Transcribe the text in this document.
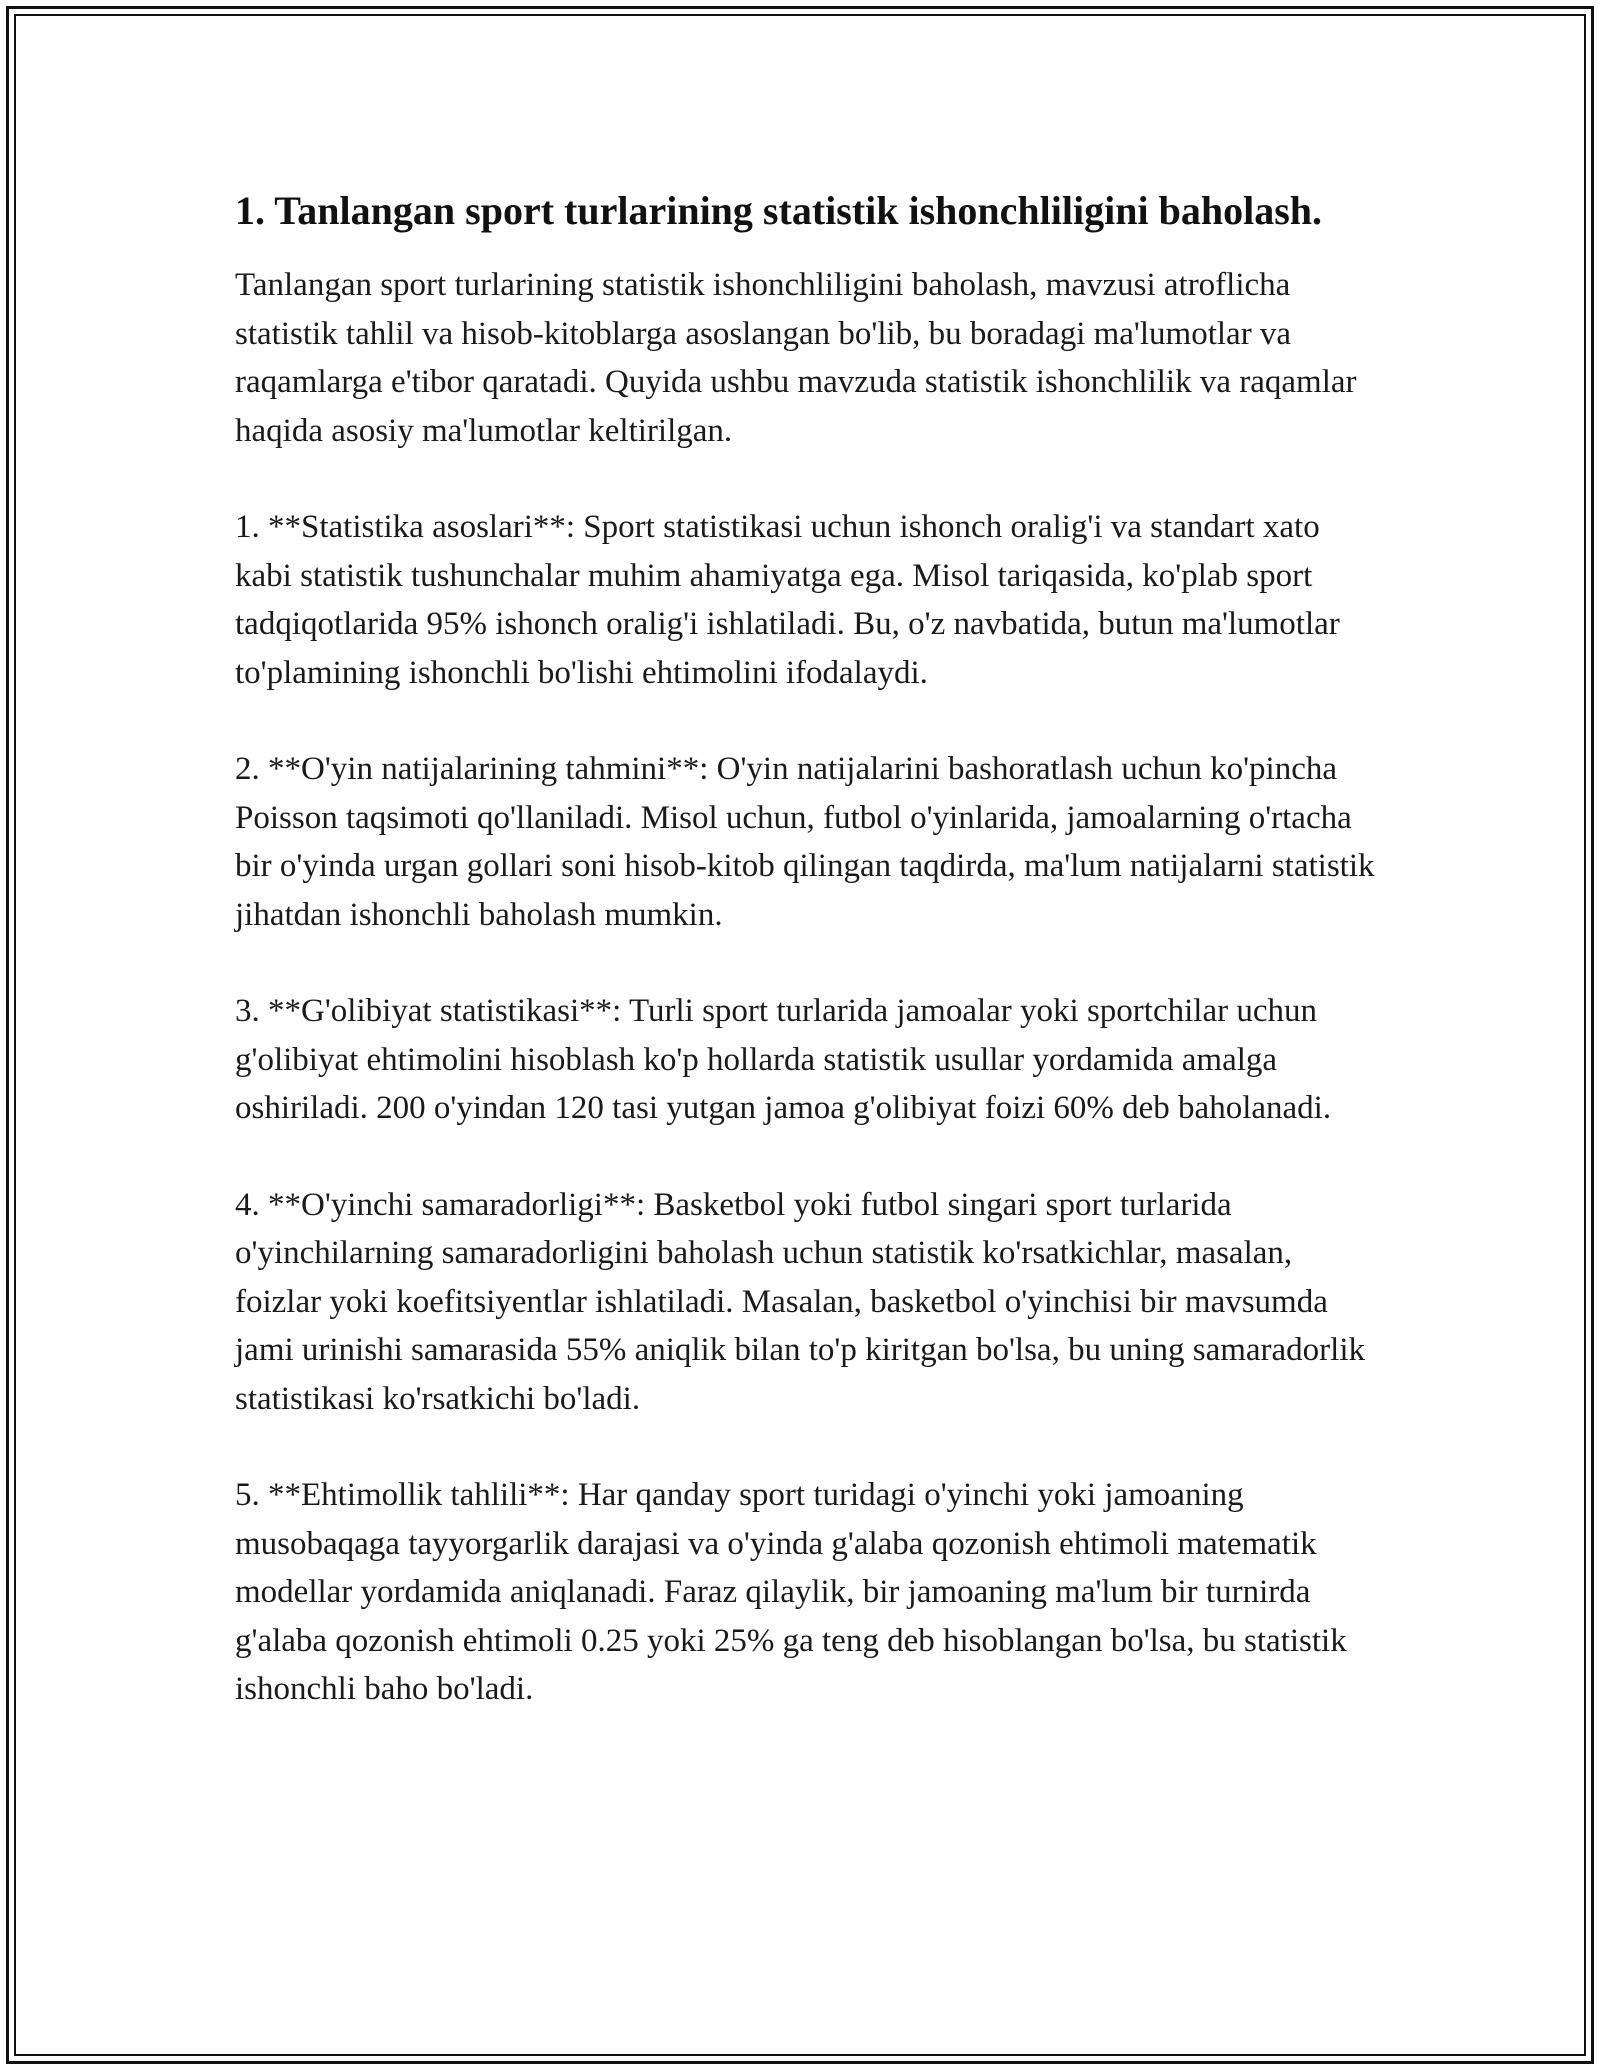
1. Tanlangan sport turlarining statistik ishonchliligini baholash.

Tanlangan sport turlarining statistik ishonchliligini baholash, mavzusi atroflicha statistik tahlil va hisob-kitoblarga asoslangan bo'lib, bu boradagi ma'lumotlar va raqamlarga e'tibor qaratadi. Quyida ushbu mavzuda statistik ishonchlilik va raqamlar haqida asosiy ma'lumotlar keltirilgan.

1. **Statistika asoslari**: Sport statistikasi uchun ishonch oralig'i va standart xato kabi statistik tushunchalar muhim ahamiyatga ega. Misol tariqasida, ko'plab sport tadqiqotlarida 95% ishonch oralig'i ishlatiladi. Bu, o'z navbatida, butun ma'lumotlar to'plamining ishonchli bo'lishi ehtimolini ifodalaydi.

2. **O'yin natijalarining tahmini**: O'yin natijalarini bashoratlash uchun ko'pincha Poisson taqsimoti qo'llaniladi. Misol uchun, futbol o'yinlarida, jamoalarning o'rtacha bir o'yinda urgan gollari soni hisob-kitob qilingan taqdirda, ma'lum natijalarni statistik jihatdan ishonchli baholash mumkin.

3. **G'olibiyat statistikasi**: Turli sport turlarida jamoalar yoki sportchilar uchun g'olibiyat ehtimolini hisoblash ko'p hollarda statistik usullar yordamida amalga oshiriladi. 200 o'yindan 120 tasi yutgan jamoa g'olibiyat foizi 60% deb baholanadi.

4. **O'yinchi samaradorligi**: Basketbol yoki futbol singari sport turlarida o'yinchilarning samaradorligini baholash uchun statistik ko'rsatkichlar, masalan, foizlar yoki koefitsiyentlar ishlatiladi. Masalan, basketbol o'yinchisi bir mavsumda jami urinishi samarasida 55% aniqlik bilan to'p kiritgan bo'lsa, bu uning samaradorlik statistikasi ko'rsatkichi bo'ladi.

5. **Ehtimollik tahlili**: Har qanday sport turidagi o'yinchi yoki jamoaning musobaqaga tayyorgarlik darajasi va o'yinda g'alaba qozonish ehtimoli matematik modellar yordamida aniqlanadi. Faraz qilaylik, bir jamoaning ma'lum bir turnirda g'alaba qozonish ehtimoli 0.25 yoki 25% ga teng deb hisoblangan bo'lsa, bu statistik ishonchli baho bo'ladi.
